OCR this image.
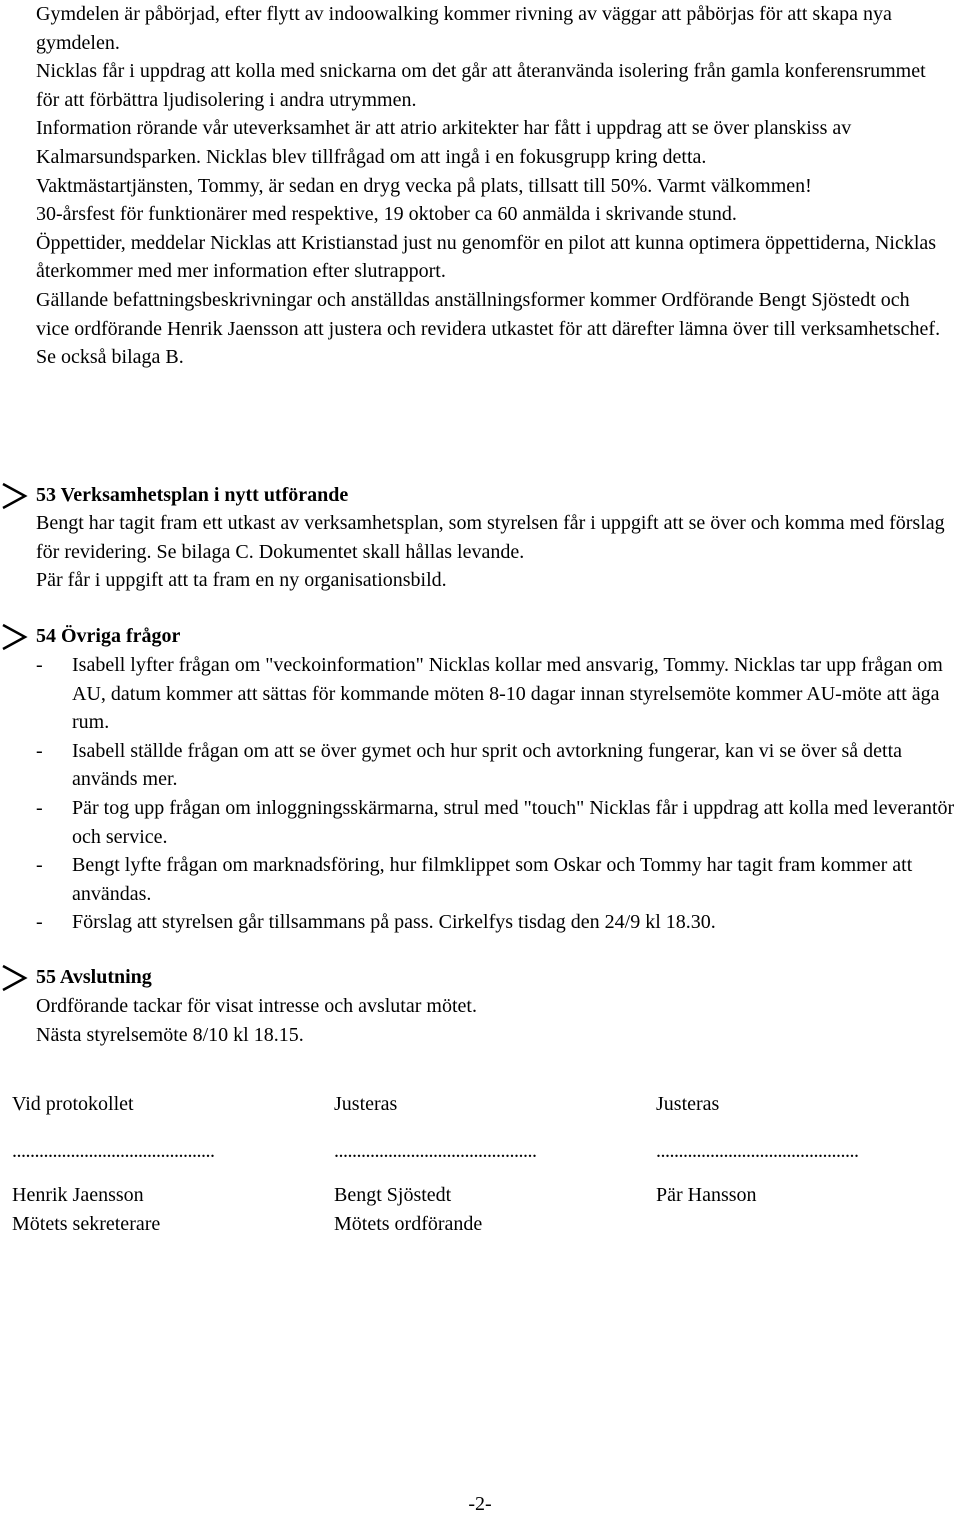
Gymdelen är påbörjad, efter flytt av indoowalking kommer rivning av väggar att påbörjas för att skapa nya gymdelen.

Nicklas får i uppdrag att kolla med snickarna om det går att återanvända isolering från gamla konferensrummet för att förbättra ljudisolering i andra utrymmen.

Information rörande vår uteverksamhet är att atrio arkitekter har fått i uppdrag att se över planskiss av Kalmarsundsparken. Nicklas blev tillfrågad om att ingå i en fokusgrupp kring detta.

Vaktmästartjänsten, Tommy, är sedan en dryg vecka på plats, tillsatt till 50%. Varmt välkommen!

30-årsfest för funktionärer med respektive, 19 oktober ca 60 anmälda i skrivande stund.

Öppettider, meddelar Nicklas att Kristianstad just nu genomför en pilot att kunna optimera öppettiderna, Nicklas återkommer med mer information efter slutrapport.

Gällande befattningsbeskrivningar och anställdas anställningsformer kommer Ordförande Bengt Sjöstedt och vice ordförande Henrik Jaensson att justera och revidera utkastet för att därefter lämna över till verksamhetschef.

Se också bilaga B.

53 Verksamhetsplan i nytt utförande

Bengt har tagit fram ett utkast av verksamhetsplan, som styrelsen får i uppgift att se över och komma med förslag för revidering. Se bilaga C. Dokumentet skall hållas levande.

Pär får i uppgift att ta fram en ny organisationsbild.

54 Övriga frågor
- Isabell lyfter frågan om "veckoinformation" Nicklas kollar med ansvarig, Tommy. Nicklas tar upp frågan om AU, datum kommer att sättas för kommande möten 8-10 dagar innan styrelsemöte kommer AU-möte att äga rum.
- Isabell ställde frågan om att se över gymet och hur sprit och avtorkning fungerar, kan vi se över så detta används mer.
- Pär tog upp frågan om inloggningsskärmarna, strul med "touch" Nicklas får i uppdrag att kolla med leverantör och service.
- Bengt lyfte frågan om marknadsföring, hur filmklippet som Oskar och Tommy har tagit fram kommer att användas.
- Förslag att styrelsen går tillsammans på pass. Cirkelfys tisdag den 24/9 kl 18.30.
55 Avslutning

Ordförande tackar för visat intresse och avslutar mötet.

Nästa styrelsemöte 8/10 kl 18.15.

Vid protokollet
.............................................
Henrik Jaensson
Mötets sekreterare
Justeras
.............................................
Bengt Sjöstedt
Mötets ordförande
Justeras
.............................................
Pär Hansson
-2-
